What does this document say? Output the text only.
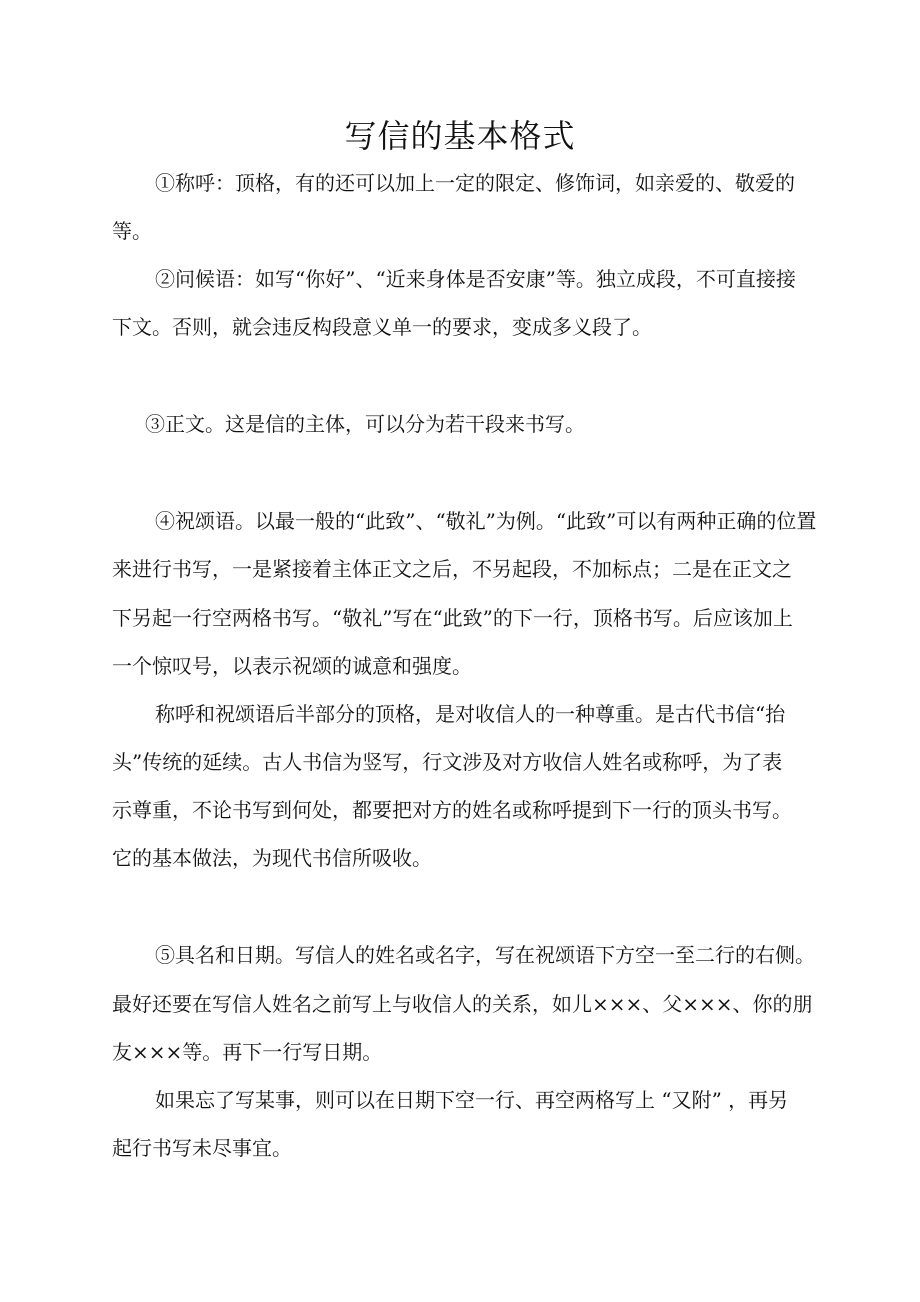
写信的基本格式
①称呼：顶格，有的还可以加上一定的限定、修饰词，如亲爱的、敬爱的
等。
②问候语：如写“你好”、“近来身体是否安康”等。独立成段，不可直接接
下文。否则，就会违反构段意义单一的要求，变成多义段了。
③正文。这是信的主体，可以分为若干段来书写。
④祝颂语。以最一般的“此致”、“敬礼”为例。“此致”可以有两种正确的位置
来进行书写，一是紧接着主体正文之后，不另起段，不加标点；二是在正文之
下另起一行空两格书写。“敬礼”写在“此致”的下一行，顶格书写。后应该加上
一个惊叹号，以表示祝颂的诚意和强度。
称呼和祝颂语后半部分的顶格，是对收信人的一种尊重。是古代书信“抬
头”传统的延续。古人书信为竖写，行文涉及对方收信人姓名或称呼，为了表
示尊重，不论书写到何处，都要把对方的姓名或称呼提到下一行的顶头书写。
它的基本做法，为现代书信所吸收。
⑤具名和日期。写信人的姓名或名字，写在祝颂语下方空一至二行的右侧。
最好还要在写信人姓名之前写上与收信人的关系，如儿×××、父×××、你的朋
友×××等。再下一行写日期。
如果忘了写某事，则可以在日期下空一行、再空两格写上 “又附” ，再另
起行书写未尽事宜。
